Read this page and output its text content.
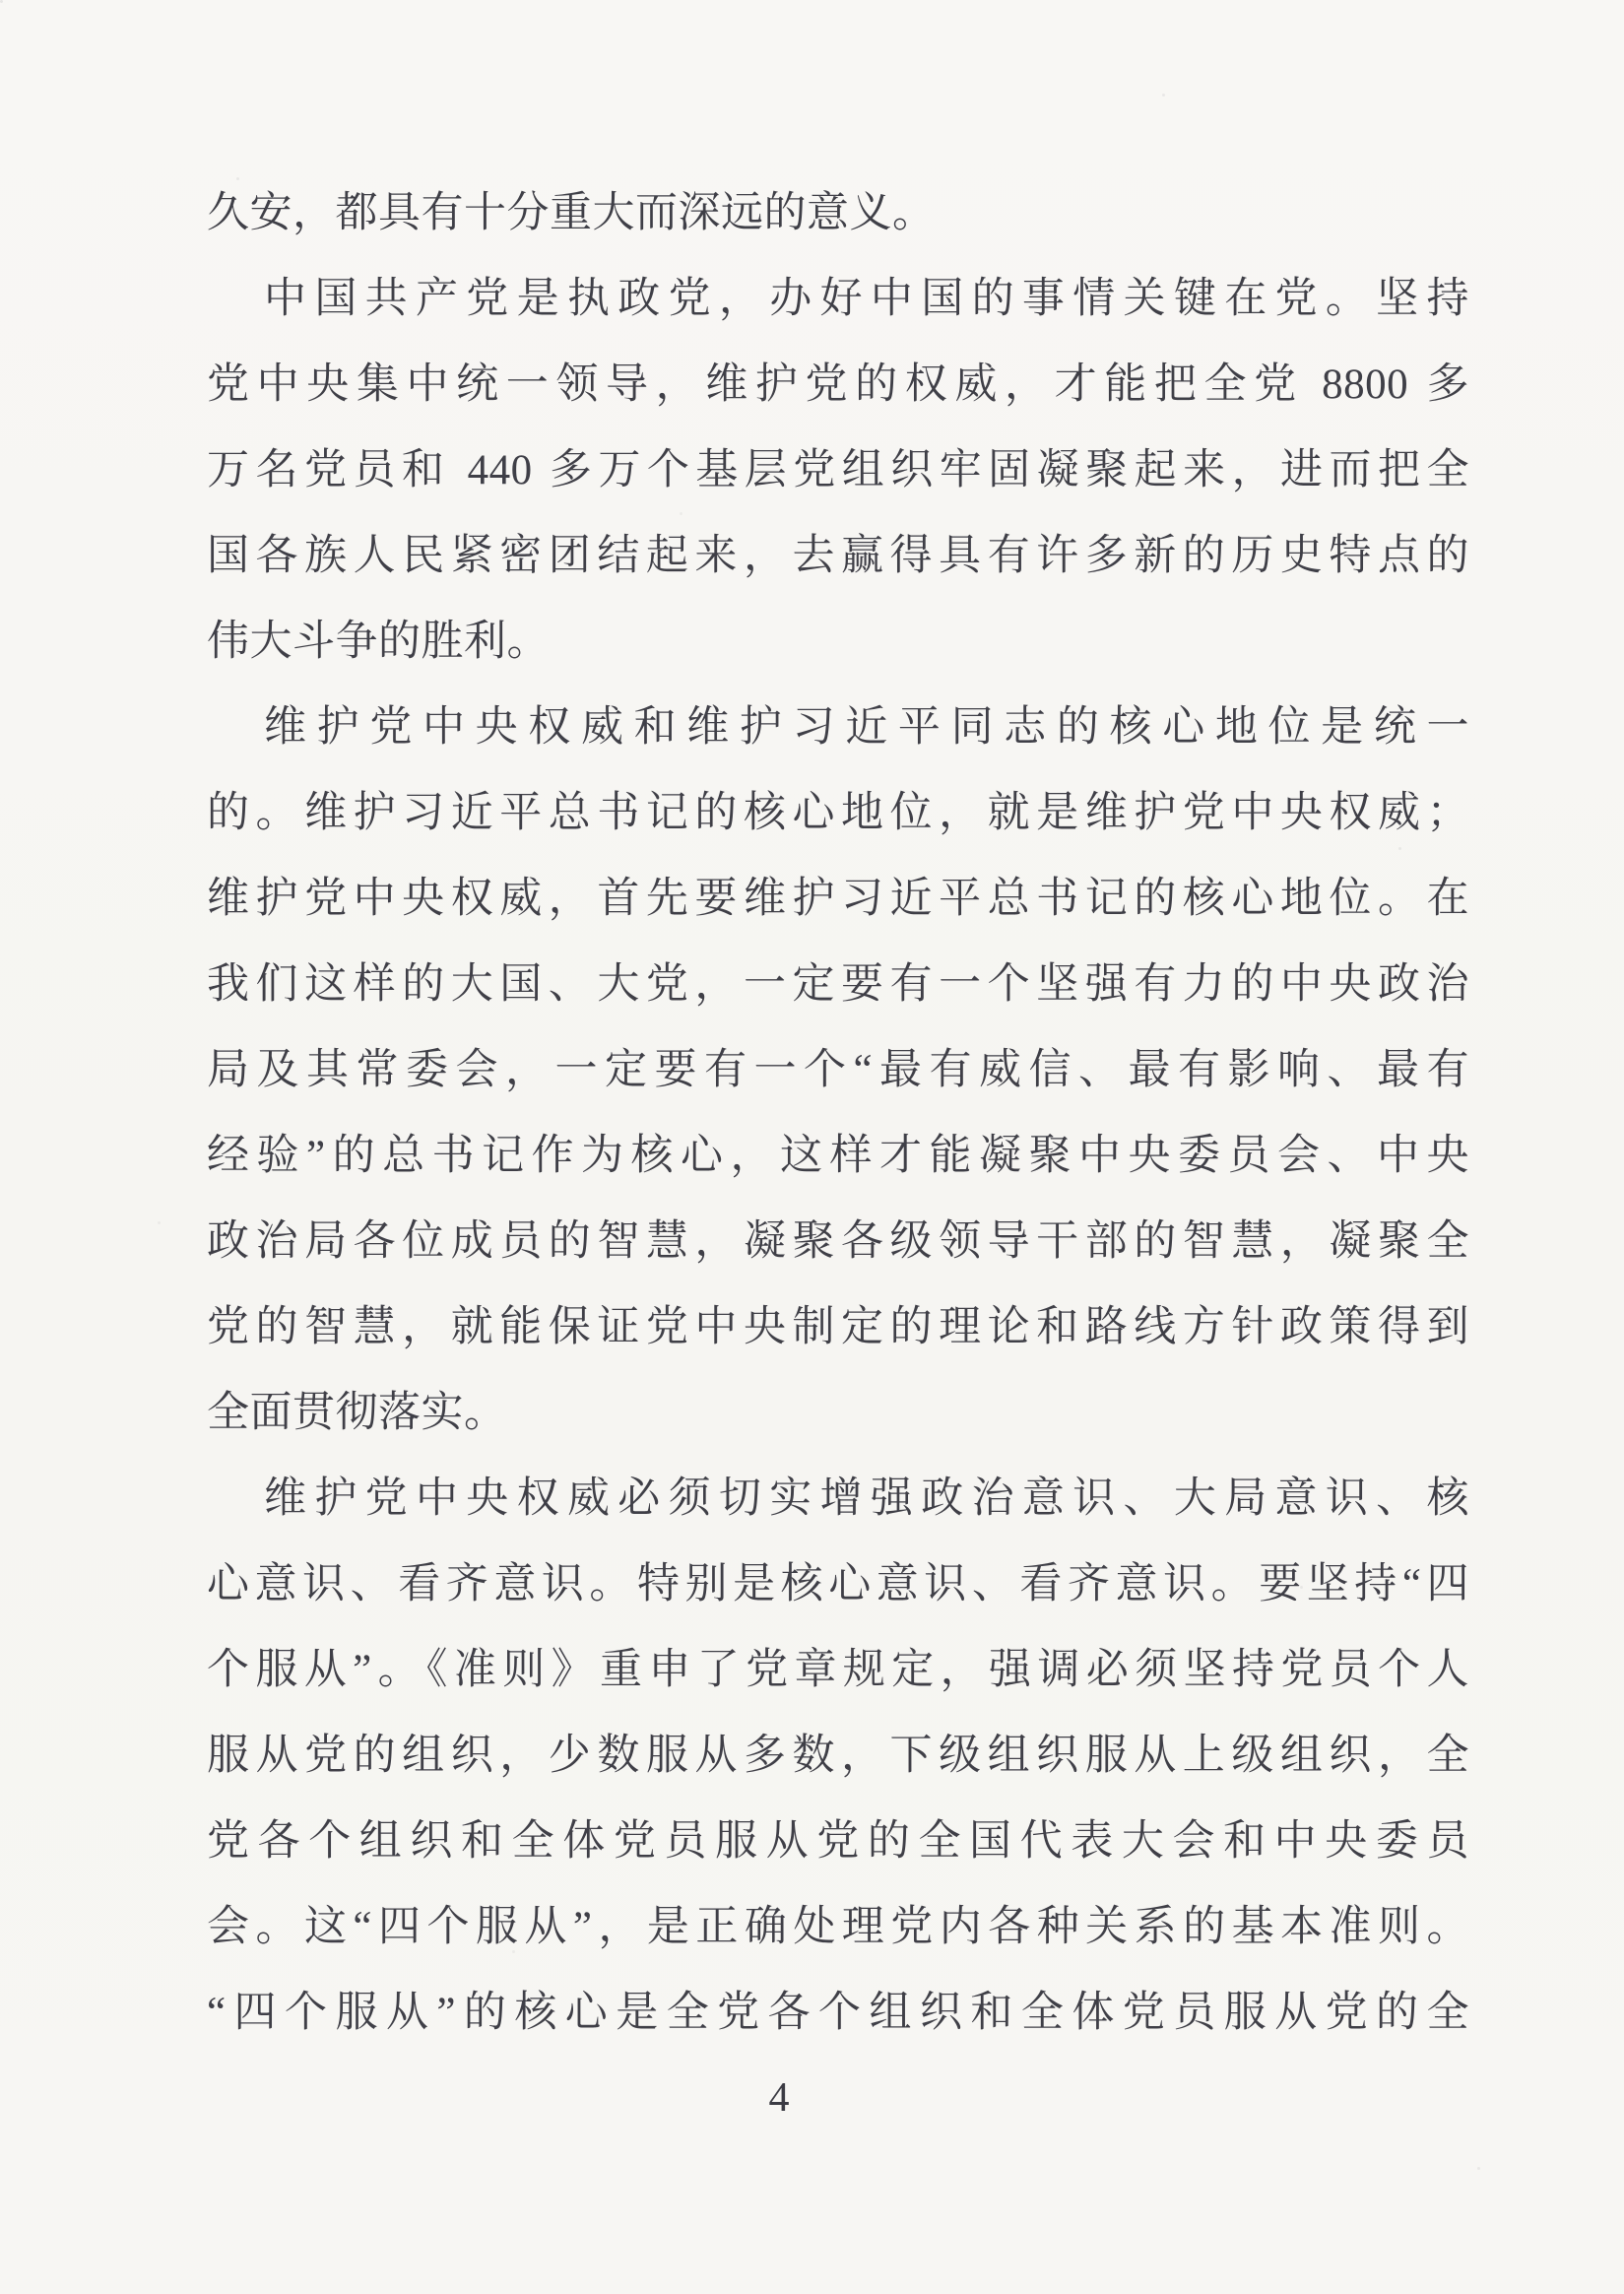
久安，都具有十分重大而深远的意义。
中国共产党是执政党，办好中国的事情关键在党。坚持
党中央集中统一领导，维护党的权威，才能把全党 8800 多
万名党员和 440 多万个基层党组织牢固凝聚起来，进而把全
国各族人民紧密团结起来，去赢得具有许多新的历史特点的
伟大斗争的胜利。
维护党中央权威和维护习近平同志的核心地位是统一
的。维护习近平总书记的核心地位，就是维护党中央权威；
维护党中央权威，首先要维护习近平总书记的核心地位。在
我们这样的大国、大党，一定要有一个坚强有力的中央政治
局及其常委会，一定要有一个“最有威信、最有影响、最有
经验”的总书记作为核心，这样才能凝聚中央委员会、中央
政治局各位成员的智慧，凝聚各级领导干部的智慧，凝聚全
党的智慧，就能保证党中央制定的理论和路线方针政策得到
全面贯彻落实。
维护党中央权威必须切实增强政治意识、大局意识、核
心意识、看齐意识。特别是核心意识、看齐意识。要坚持“四
个服从”。《准则》重申了党章规定，强调必须坚持党员个人
服从党的组织，少数服从多数，下级组织服从上级组织，全
党各个组织和全体党员服从党的全国代表大会和中央委员
会。这“四个服从”，是正确处理党内各种关系的基本准则。
“四个服从”的核心是全党各个组织和全体党员服从党的全
4
